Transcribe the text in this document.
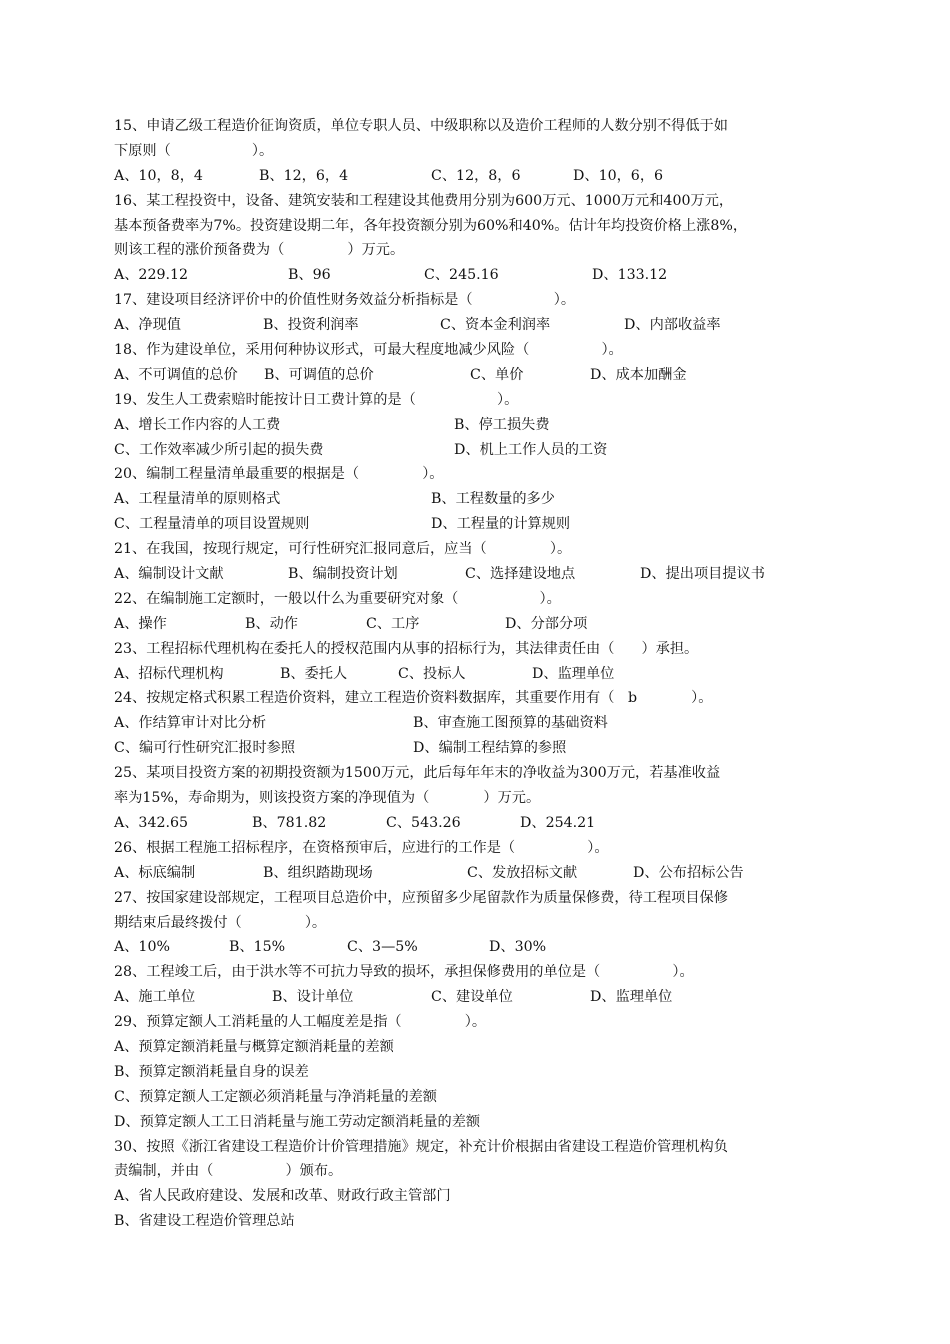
15、申请乙级工程造价征询资质，单位专职人员、中级职称以及造价工程师的人数分别不得低于如
下原则（                  ）。
A、10，8，4	B、12，6，4	C、12，8，6	D、10，6，6
16、某工程投资中，设备、建筑安装和工程建设其他费用分别为600万元、1000万元和400万元，
基本预备费率为7%。投资建设期二年，各年投资额分别为60%和40%。估计年均投资价格上涨8%，
则该工程的涨价预备费为（              ）万元。
A、229.12	B、96	C、245.16	D、133.12
17、建设项目经济评价中的价值性财务效益分析指标是（                  ）。
A、净现值	B、投资利润率	C、资本金利润率	D、内部收益率
18、作为建设单位，采用何种协议形式，可最大程度地减少风险（                ）。
A、不可调值的总价	B、可调值的总价	C、单价	D、成本加酬金
19、发生人工费索赔时能按计日工费计算的是（                  ）。
A、增长工作内容的人工费	B、停工损失费
C、工作效率减少所引起的损失费	D、机上工作人员的工资
20、编制工程量清单最重要的根据是（              ）。
A、工程量清单的原则格式	B、工程数量的多少
C、工程量清单的项目设置规则	D、工程量的计算规则
21、在我国，按现行规定，可行性研究汇报同意后，应当（              ）。
A、编制设计文献	B、编制投资计划	C、选择建设地点	D、提出项目提议书
22、在编制施工定额时，一般以什么为重要研究对象（                  ）。
A、操作	B、动作	C、工序	D、分部分项
23、工程招标代理机构在委托人的授权范围内从事的招标行为，其法律责任由（      ）承担。
A、招标代理机构	B、委托人	C、投标人	D、监理单位
24、按规定格式积累工程造价资料，建立工程造价资料数据库，其重要作用有（   b            ）。
A、作结算审计对比分析	B、审查施工图预算的基础资料
C、编可行性研究汇报时参照	D、编制工程结算的参照
25、某项目投资方案的初期投资额为1500万元，此后每年年末的净收益为300万元，若基准收益
率为15%，寿命期为，则该投资方案的净现值为（            ）万元。
A、342.65	B、781.82	C、543.26	D、254.21
26、根据工程施工招标程序，在资格预审后，应进行的工作是（                ）。
A、标底编制	B、组织踏勘现场	C、发放招标文献	D、公布招标公告
27、按国家建设部规定，工程项目总造价中，应预留多少尾留款作为质量保修费，待工程项目保修
期结束后最终拨付（              ）。
A、10%	B、15%	C、3—5%	D、30%
28、工程竣工后，由于洪水等不可抗力导致的损坏，承担保修费用的单位是（                ）。
A、施工单位	B、设计单位	C、建设单位	D、监理单位
29、预算定额人工消耗量的人工幅度差是指（              ）。
A、预算定额消耗量与概算定额消耗量的差额
B、预算定额消耗量自身的误差
C、预算定额人工定额必须消耗量与净消耗量的差额
D、预算定额人工工日消耗量与施工劳动定额消耗量的差额
30、按照《浙江省建设工程造价计价管理措施》规定，补充计价根据由省建设工程造价管理机构负
责编制，并由（                ）颁布。
A、省人民政府建设、发展和改革、财政行政主管部门
B、省建设工程造价管理总站
